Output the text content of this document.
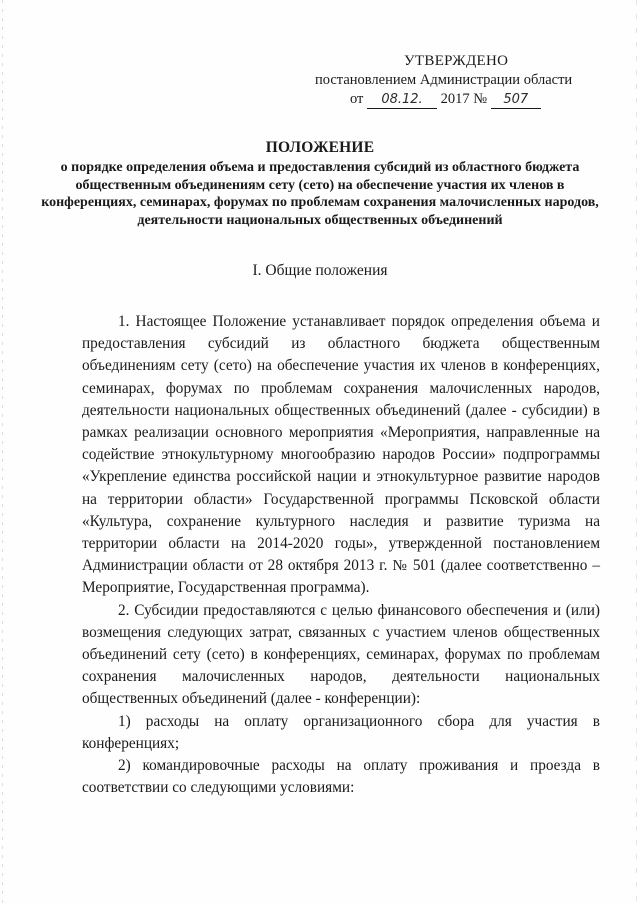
УТВЕРЖДЕНО
постановлением Администрации области
от 08.12. 2017 № 507
ПОЛОЖЕНИЕ
о порядке определения объема и предоставления субсидий из областного бюджета общественным объединениям сету (сето) на обеспечение участия их членов в конференциях, семинарах, форумах по проблемам сохранения малочисленных народов, деятельности национальных общественных объединений
I. Общие положения

1. Настоящее Положение устанавливает порядок определения объема и предоставления субсидий из областного бюджета общественным объединениям сету (сето) на обеспечение участия их членов в конференциях, семинарах, форумах по проблемам сохранения малочисленных народов, деятельности национальных общественных объединений (далее - субсидии) в рамках реализации основного мероприятия «Мероприятия, направленные на содействие этнокультурному многообразию народов России» подпрограммы «Укрепление единства российской нации и этнокультурное развитие народов на территории области» Государственной программы Псковской области «Культура, сохранение культурного наследия и развитие туризма на территории области на 2014-2020 годы», утвержденной постановлением Администрации области от 28 октября 2013 г. № 501 (далее соответственно – Мероприятие, Государственная программа).

2. Субсидии предоставляются с целью финансового обеспечения и (или) возмещения следующих затрат, связанных с участием членов общественных объединений сету (сето) в конференциях, семинарах, форумах по проблемам сохранения малочисленных народов, деятельности национальных общественных объединений (далее - конференции):

1) расходы на оплату организационного сбора для участия в конференциях;

2) командировочные расходы на оплату проживания и проезда в соответствии со следующими условиями:
